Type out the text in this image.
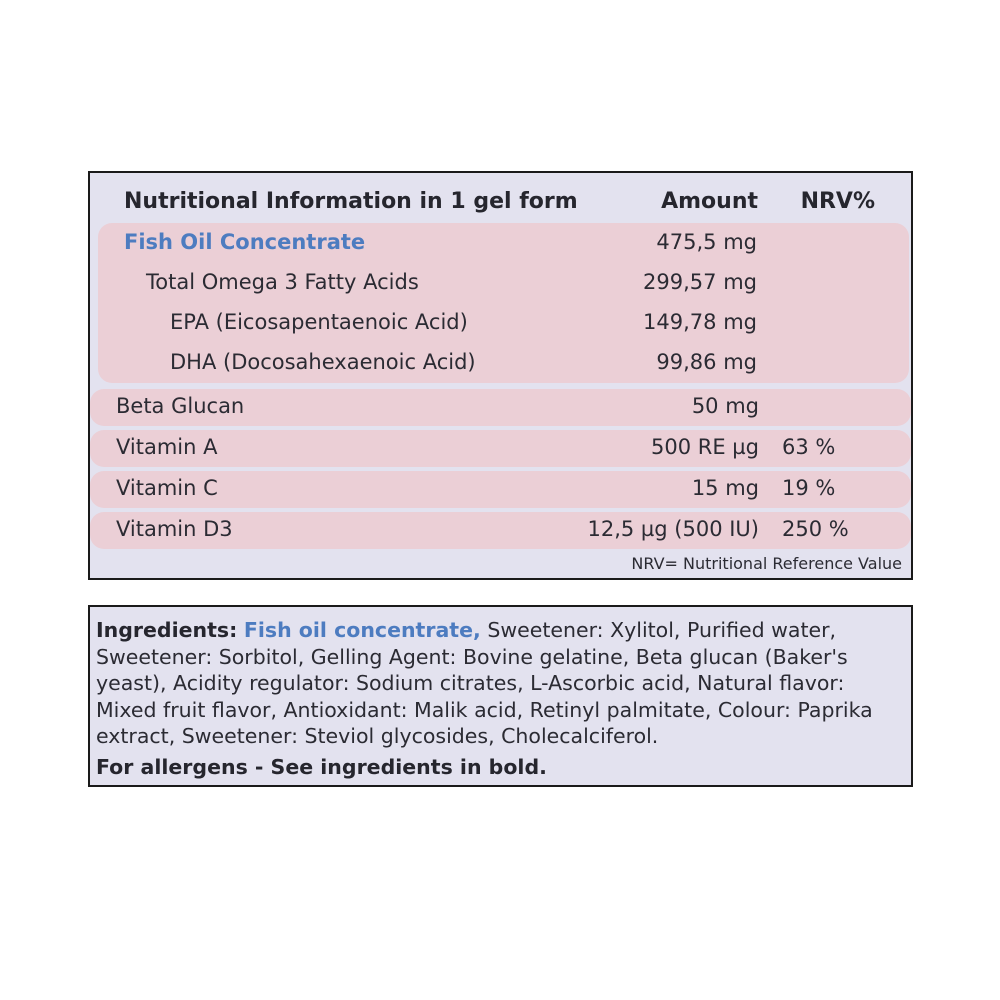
Nutritional Information in 1 gel form	Amount NRV%
Fish Oil Concentrate	475,5 mg
Total Omega 3 Fatty Acids	299,57 mg
EPA (Eicosapentaenoic Acid)	149,78 mg
DHA (Docosahexaenoic Acid)	99,86 mg
Beta Glucan	50 mg
Vitamin A	500 RE µg 63 %
Vitamin C	15 mg 19 %
Vitamin D3	12,5 µg (500 IU) 250 %
NRV= Nutritional Reference Value
Ingredients: Fish oil concentrate, Sweetener: Xylitol, Purified water, Sweetener: Sorbitol, Gelling Agent: Bovine gelatine, Beta glucan (Baker's yeast), Acidity regulator: Sodium citrates, L-Ascorbic acid, Natural flavor: Mixed fruit flavor, Antioxidant: Malik acid, Retinyl palmitate, Colour: Paprika extract, Sweetener: Steviol glycosides, Cholecalciferol.
For allergens - See ingredients in bold.
